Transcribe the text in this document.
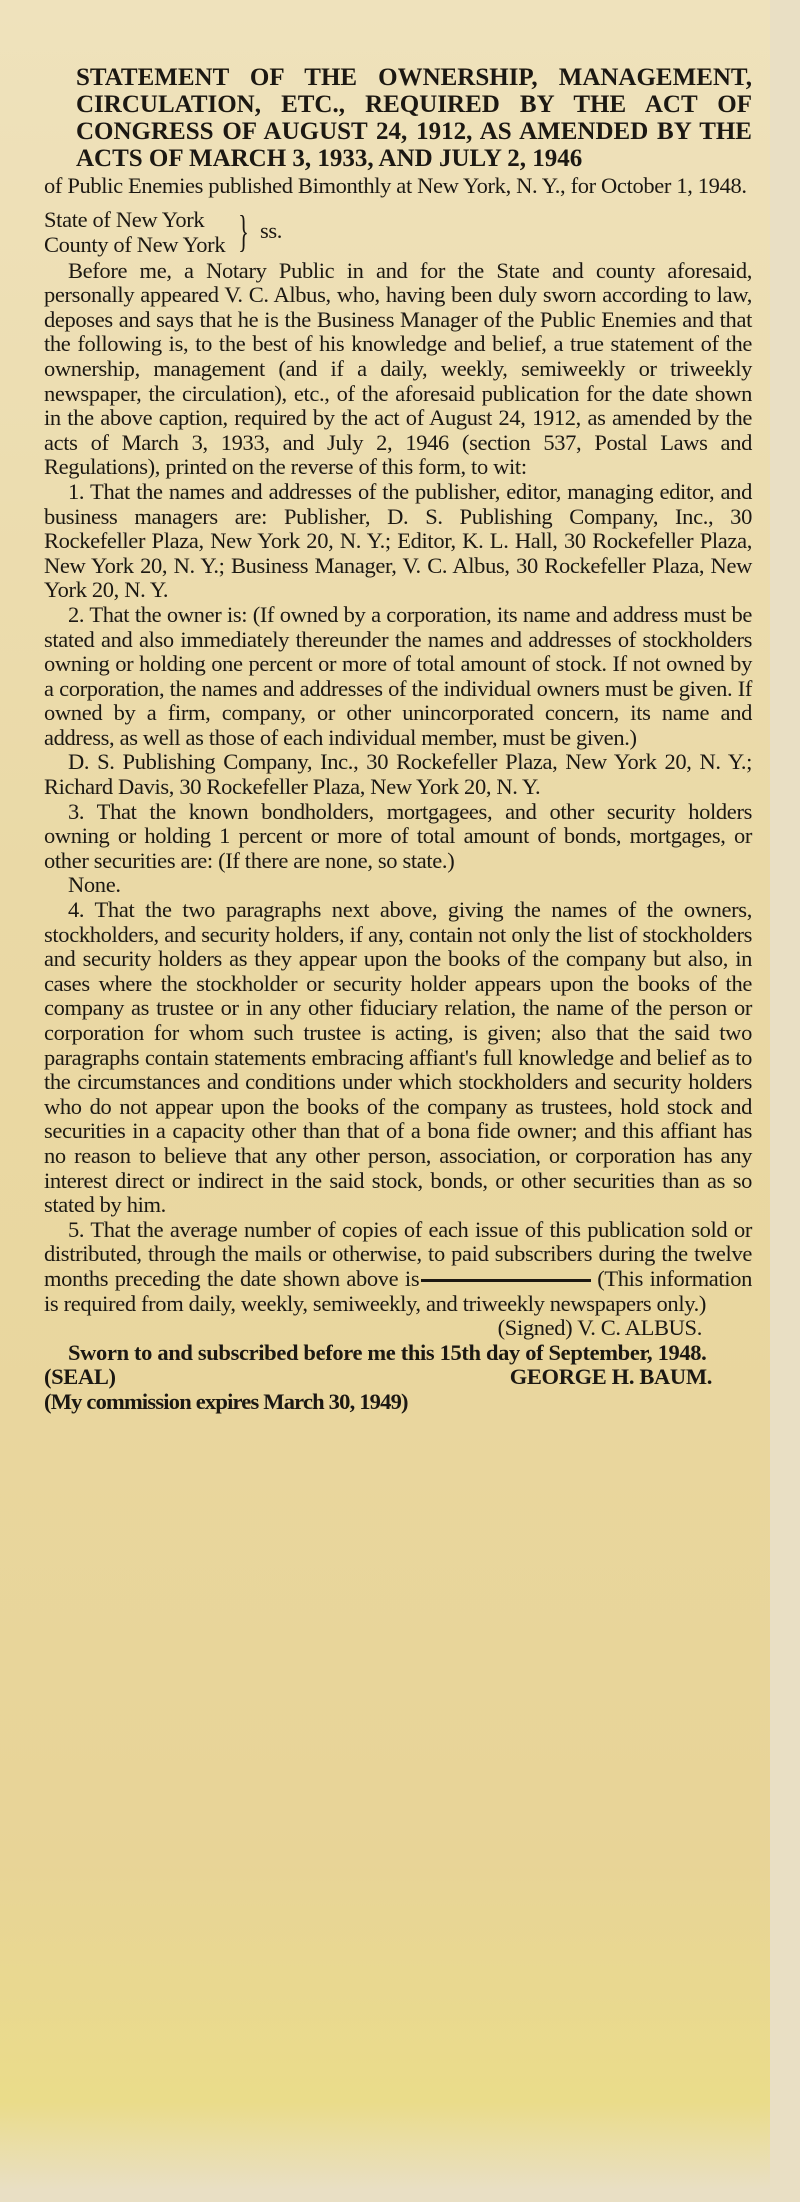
STATEMENT OF THE OWNERSHIP, MANAGEMENT, CIRCULATION, ETC., REQUIRED BY THE ACT OF CONGRESS OF AUGUST 24, 1912, AS AMENDED BY THE ACTS OF MARCH 3, 1933, AND JULY 2, 1946

of Public Enemies published Bimonthly at New York, N. Y., for October 1, 1948.

State of New York
County of New York } ss.

Before me, a Notary Public in and for the State and county aforesaid, personally appeared V. C. Albus, who, having been duly sworn according to law, deposes and says that he is the Business Manager of the Public Enemies and that the following is, to the best of his knowledge and belief, a true statement of the ownership, management (and if a daily, weekly, semiweekly or triweekly newspaper, the circulation), etc., of the aforesaid publication for the date shown in the above caption, required by the act of August 24, 1912, as amended by the acts of March 3, 1933, and July 2, 1946 (section 537, Postal Laws and Regulations), printed on the reverse of this form, to wit:

1. That the names and addresses of the publisher, editor, managing editor, and business managers are: Publisher, D. S. Publishing Company, Inc., 30 Rockefeller Plaza, New York 20, N. Y.; Editor, K. L. Hall, 30 Rockefeller Plaza, New York 20, N. Y.; Business Manager, V. C. Albus, 30 Rockefeller Plaza, New York 20, N. Y.

2. That the owner is: (If owned by a corporation, its name and address must be stated and also immediately thereunder the names and addresses of stockholders owning or holding one percent or more of total amount of stock. If not owned by a corporation, the names and addresses of the individual owners must be given. If owned by a firm, company, or other unincorporated concern, its name and address, as well as those of each individual member, must be given.)

D. S. Publishing Company, Inc., 30 Rockefeller Plaza, New York 20, N. Y.; Richard Davis, 30 Rockefeller Plaza, New York 20, N. Y.

3. That the known bondholders, mortgagees, and other security holders owning or holding 1 percent or more of total amount of bonds, mortgages, or other securities are: (If there are none, so state.)

None.

4. That the two paragraphs next above, giving the names of the owners, stockholders, and security holders, if any, contain not only the list of stockholders and security holders as they appear upon the books of the company but also, in cases where the stockholder or security holder appears upon the books of the company as trustee or in any other fiduciary relation, the name of the person or corporation for whom such trustee is acting, is given; also that the said two paragraphs contain statements embracing affiant's full knowledge and belief as to the circumstances and conditions under which stockholders and security holders who do not appear upon the books of the company as trustees, hold stock and securities in a capacity other than that of a bona fide owner; and this affiant has no reason to believe that any other person, association, or corporation has any interest direct or indirect in the said stock, bonds, or other securities than as so stated by him.

5. That the average number of copies of each issue of this publication sold or distributed, through the mails or otherwise, to paid subscribers during the twelve months preceding the date shown above is	(This information is required from daily, weekly, semiweekly, and triweekly newspapers only.)

(Signed) V. C. ALBUS.

Sworn to and subscribed before me this 15th day of September, 1948.

(SEAL)	GEORGE H. BAUM.
(My commission expires March 30, 1949)
